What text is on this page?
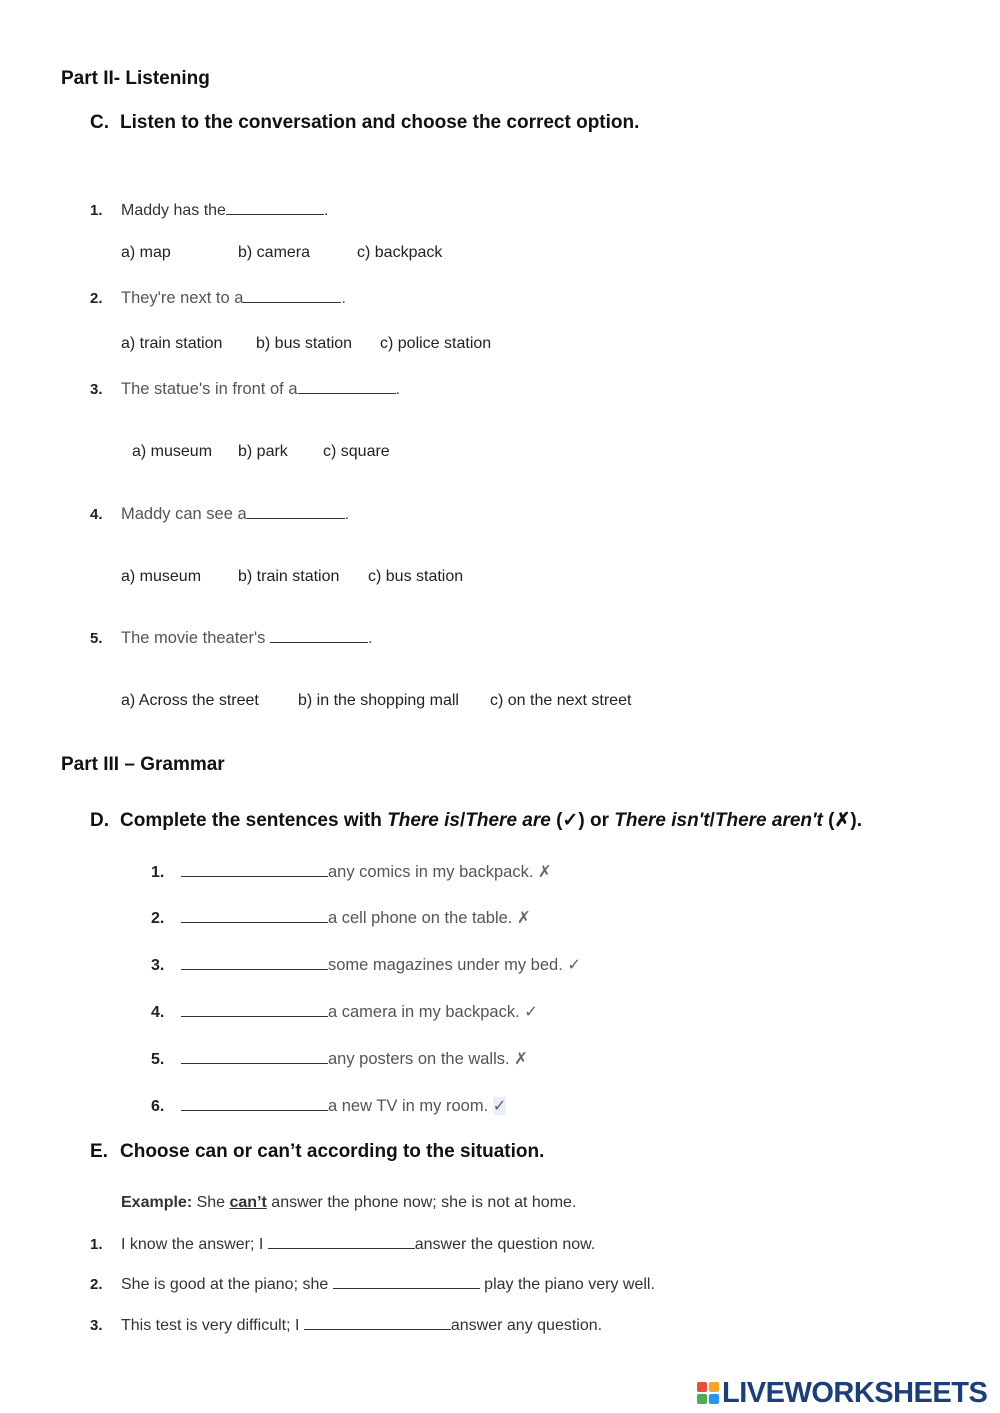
Part II- Listening
C. Listen to the conversation and choose the correct option.
1. Maddy has the	.
a) map	b) camera	c) backpack
2. They're next to a	.
a) train station b) bus station c) police station
3. The statue's in front of a	.
a) museum b) park c) square
4. Maddy can see a	.
a) museum b) train station c) bus station
5. The movie theater's	.
a) Across the street b) in the shopping mall c) on the next street
Part III – Grammar
D. Complete the sentences with There is/There are (✓) or There isn't/There aren't (✗).
1.	any comics in my backpack. ✗
2.	a cell phone on the table. ✗
3.	some magazines under my bed. ✓
4.	a camera in my backpack. ✓
5.	any posters on the walls. ✗
6.	a new TV in my room. ✓
E. Choose can or can’t according to the situation.
Example: She can’t answer the phone now; she is not at home.
1. I know the answer; I	answer the question now.
2. She is good at the piano; she	play the piano very well.
3. This test is very difficult; I	answer any question.
LIVEWORKSHEETS
